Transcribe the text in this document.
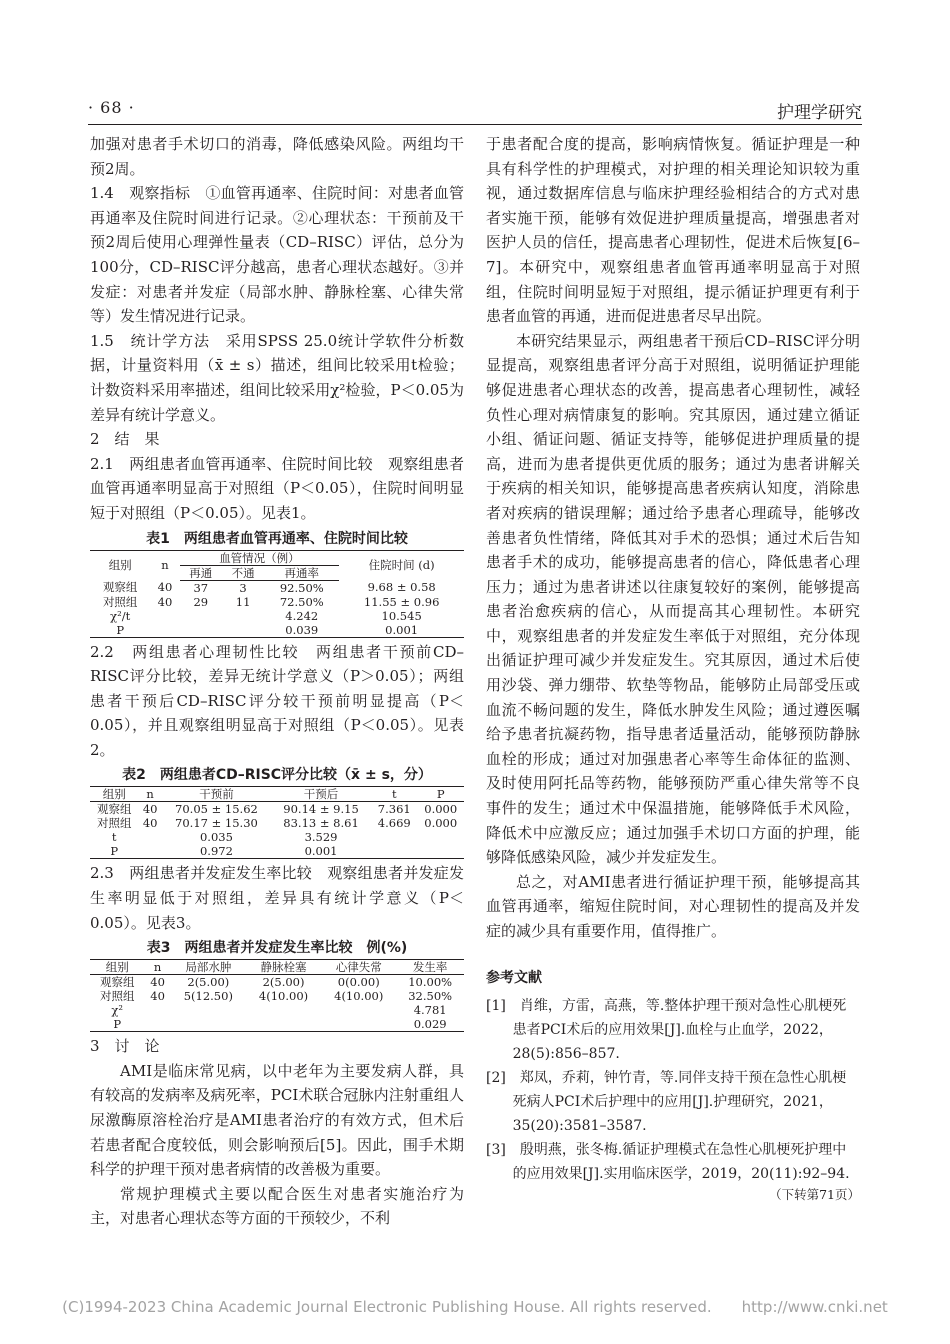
· 68 ·	护理学研究

加强对患者手术切口的消毒，降低感染风险。两组均干预2周。

1.4　观察指标　①血管再通率、住院时间：对患者血管再通率及住院时间进行记录。②心理状态：干预前及干预2周后使用心理弹性量表（CD–RISC）评估，总分为100分，CD–RISC评分越高，患者心理状态越好。③并发症：对患者并发症（局部水肿、静脉栓塞、心律失常等）发生情况进行记录。

1.5　统计学方法　采用SPSS 25.0统计学软件分析数据，计量资料用（x̄ ± s）描述，组间比较采用t检验；计数资料采用率描述，组间比较采用χ²检验，P＜0.05为差异有统计学意义。

2　结　果

2.1　两组患者血管再通率、住院时间比较　观察组患者血管再通率明显高于对照组（P＜0.05），住院时间明显短于对照组（P＜0.05）。见表1。

表1　两组患者血管再通率、住院时间比较
组别	n	血管情况（例）			住院时间 (d)
		再通	不通	再通率	
观察组	40	37	3	92.50%	9.68 ± 0.58
对照组	40	29	11	72.50%	11.55 ± 0.96
χ²/t				4.242	10.545
P				0.039	0.001

2.2　两组患者心理韧性比较　两组患者干预前CD–RISC评分比较，差异无统计学意义（P＞0.05）；两组患者干预后CD–RISC评分较干预前明显提高（P＜0.05），并且观察组明显高于对照组（P＜0.05）。见表2。

表2　两组患者CD–RISC评分比较（x̄ ± s，分）
组别	n	干预前	干预后	t	P
观察组	40	70.05 ± 15.62	90.14 ± 9.15	7.361	0.000
对照组	40	70.17 ± 15.30	83.13 ± 8.61	4.669	0.000
t		0.035	3.529		
P		0.972	0.001		

2.3　两组患者并发症发生率比较　观察组患者并发症发生率明显低于对照组，差异具有统计学意义（P＜0.05）。见表3。

表3　两组患者并发症发生率比较　例(%)
组别	n	局部水肿	静脉栓塞	心律失常	发生率
观察组	40	2(5.00)	2(5.00)	0(0.00)	10.00%
对照组	40	5(12.50)	4(10.00)	4(10.00)	32.50%
χ²					4.781
P					0.029

3　讨　论

AMI是临床常见病，以中老年为主要发病人群，具有较高的发病率及病死率，PCI术联合冠脉内注射重组人尿激酶原溶栓治疗是AMI患者治疗的有效方式，但术后若患者配合度较低，则会影响预后[5]。因此，围手术期科学的护理干预对患者病情的改善极为重要。

常规护理模式主要以配合医生对患者实施治疗为主，对患者心理状态等方面的干预较少，不利

于患者配合度的提高，影响病情恢复。循证护理是一种具有科学性的护理模式，对护理的相关理论知识较为重视，通过数据库信息与临床护理经验相结合的方式对患者实施干预，能够有效促进护理质量提高，增强患者对医护人员的信任，提高患者心理韧性，促进术后恢复[6–7]。本研究中，观察组患者血管再通率明显高于对照组，住院时间明显短于对照组，提示循证护理更有利于患者血管的再通，进而促进患者尽早出院。

本研究结果显示，两组患者干预后CD–RISC评分明显提高，观察组患者评分高于对照组，说明循证护理能够促进患者心理状态的改善，提高患者心理韧性，减轻负性心理对病情康复的影响。究其原因，通过建立循证小组、循证问题、循证支持等，能够促进护理质量的提高，进而为患者提供更优质的服务；通过为患者讲解关于疾病的相关知识，能够提高患者疾病认知度，消除患者对疾病的错误理解；通过给予患者心理疏导，能够改善患者负性情绪，降低其对手术的恐惧；通过术后告知患者手术的成功，能够提高患者的信心，降低患者心理压力；通过为患者讲述以往康复较好的案例，能够提高患者治愈疾病的信心，从而提高其心理韧性。本研究中，观察组患者的并发症发生率低于对照组，充分体现出循证护理可减少并发症发生。究其原因，通过术后使用沙袋、弹力绷带、软垫等物品，能够防止局部受压或血流不畅问题的发生，降低水肿发生风险；通过遵医嘱给予患者抗凝药物，指导患者适量活动，能够预防静脉血栓的形成；通过对加强患者心率等生命体征的监测、及时使用阿托品等药物，能够预防严重心律失常等不良事件的发生；通过术中保温措施，能够降低手术风险，降低术中应激反应；通过加强手术切口方面的护理，能够降低感染风险，减少并发症发生。

总之，对AMI患者进行循证护理干预，能够提高其血管再通率，缩短住院时间，对心理韧性的提高及并发症的减少具有重要作用，值得推广。

参考文献

[1]　肖维，方雷，高燕，等.整体护理干预对急性心肌梗死患者PCI术后的应用效果[J].血栓与止血学，2022，28(5):856–857.

[2]　郑凤，乔莉，钟竹青，等.同伴支持干预在急性心肌梗死病人PCI术后护理中的应用[J].护理研究，2021，35(20):3581–3587.

[3]　殷明燕，张冬梅.循证护理模式在急性心肌梗死护理中的应用效果[J].实用临床医学，2019，20(11):92–94.

（下转第71页）
(C)1994-2023 China Academic Journal Electronic Publishing House. All rights reserved.　　http://www.cnki.net
